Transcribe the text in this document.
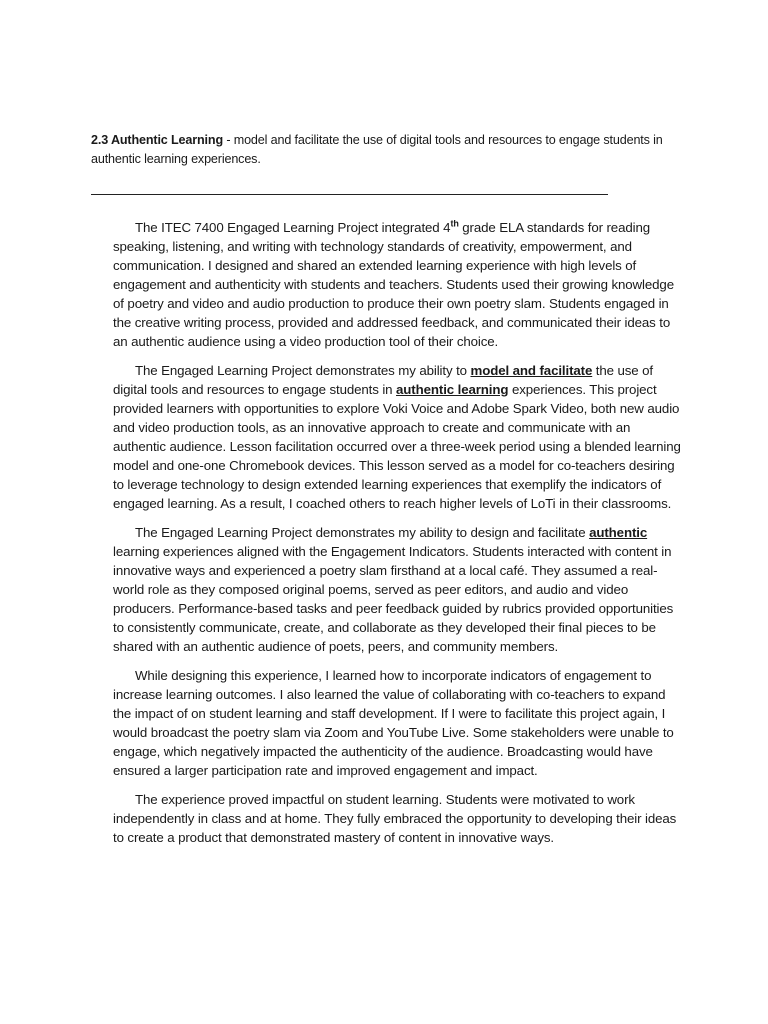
2.3 Authentic Learning - model and facilitate the use of digital tools and resources to engage students in authentic learning experiences.

The ITEC 7400 Engaged Learning Project integrated 4th grade ELA standards for reading speaking, listening, and writing with technology standards of creativity, empowerment, and communication. I designed and shared an extended learning experience with high levels of engagement and authenticity with students and teachers. Students used their growing knowledge of poetry and video and audio production to produce their own poetry slam. Students engaged in the creative writing process, provided and addressed feedback, and communicated their ideas to an authentic audience using a video production tool of their choice.

The Engaged Learning Project demonstrates my ability to model and facilitate the use of digital tools and resources to engage students in authentic learning experiences. This project provided learners with opportunities to explore Voki Voice and Adobe Spark Video, both new audio and video production tools, as an innovative approach to create and communicate with an authentic audience. Lesson facilitation occurred over a three-week period using a blended learning model and one-one Chromebook devices. This lesson served as a model for co-teachers desiring to leverage technology to design extended learning experiences that exemplify the indicators of engaged learning. As a result, I coached others to reach higher levels of LoTi in their classrooms.

The Engaged Learning Project demonstrates my ability to design and facilitate authentic learning experiences aligned with the Engagement Indicators. Students interacted with content in innovative ways and experienced a poetry slam firsthand at a local café. They assumed a real-world role as they composed original poems, served as peer editors, and audio and video producers. Performance-based tasks and peer feedback guided by rubrics provided opportunities to consistently communicate, create, and collaborate as they developed their final pieces to be shared with an authentic audience of poets, peers, and community members.

While designing this experience, I learned how to incorporate indicators of engagement to increase learning outcomes. I also learned the value of collaborating with co-teachers to expand the impact of on student learning and staff development. If I were to facilitate this project again, I would broadcast the poetry slam via Zoom and YouTube Live. Some stakeholders were unable to engage, which negatively impacted the authenticity of the audience. Broadcasting would have ensured a larger participation rate and improved engagement and impact.

The experience proved impactful on student learning. Students were motivated to work independently in class and at home. They fully embraced the opportunity to developing their ideas to create a product that demonstrated mastery of content in innovative ways.
